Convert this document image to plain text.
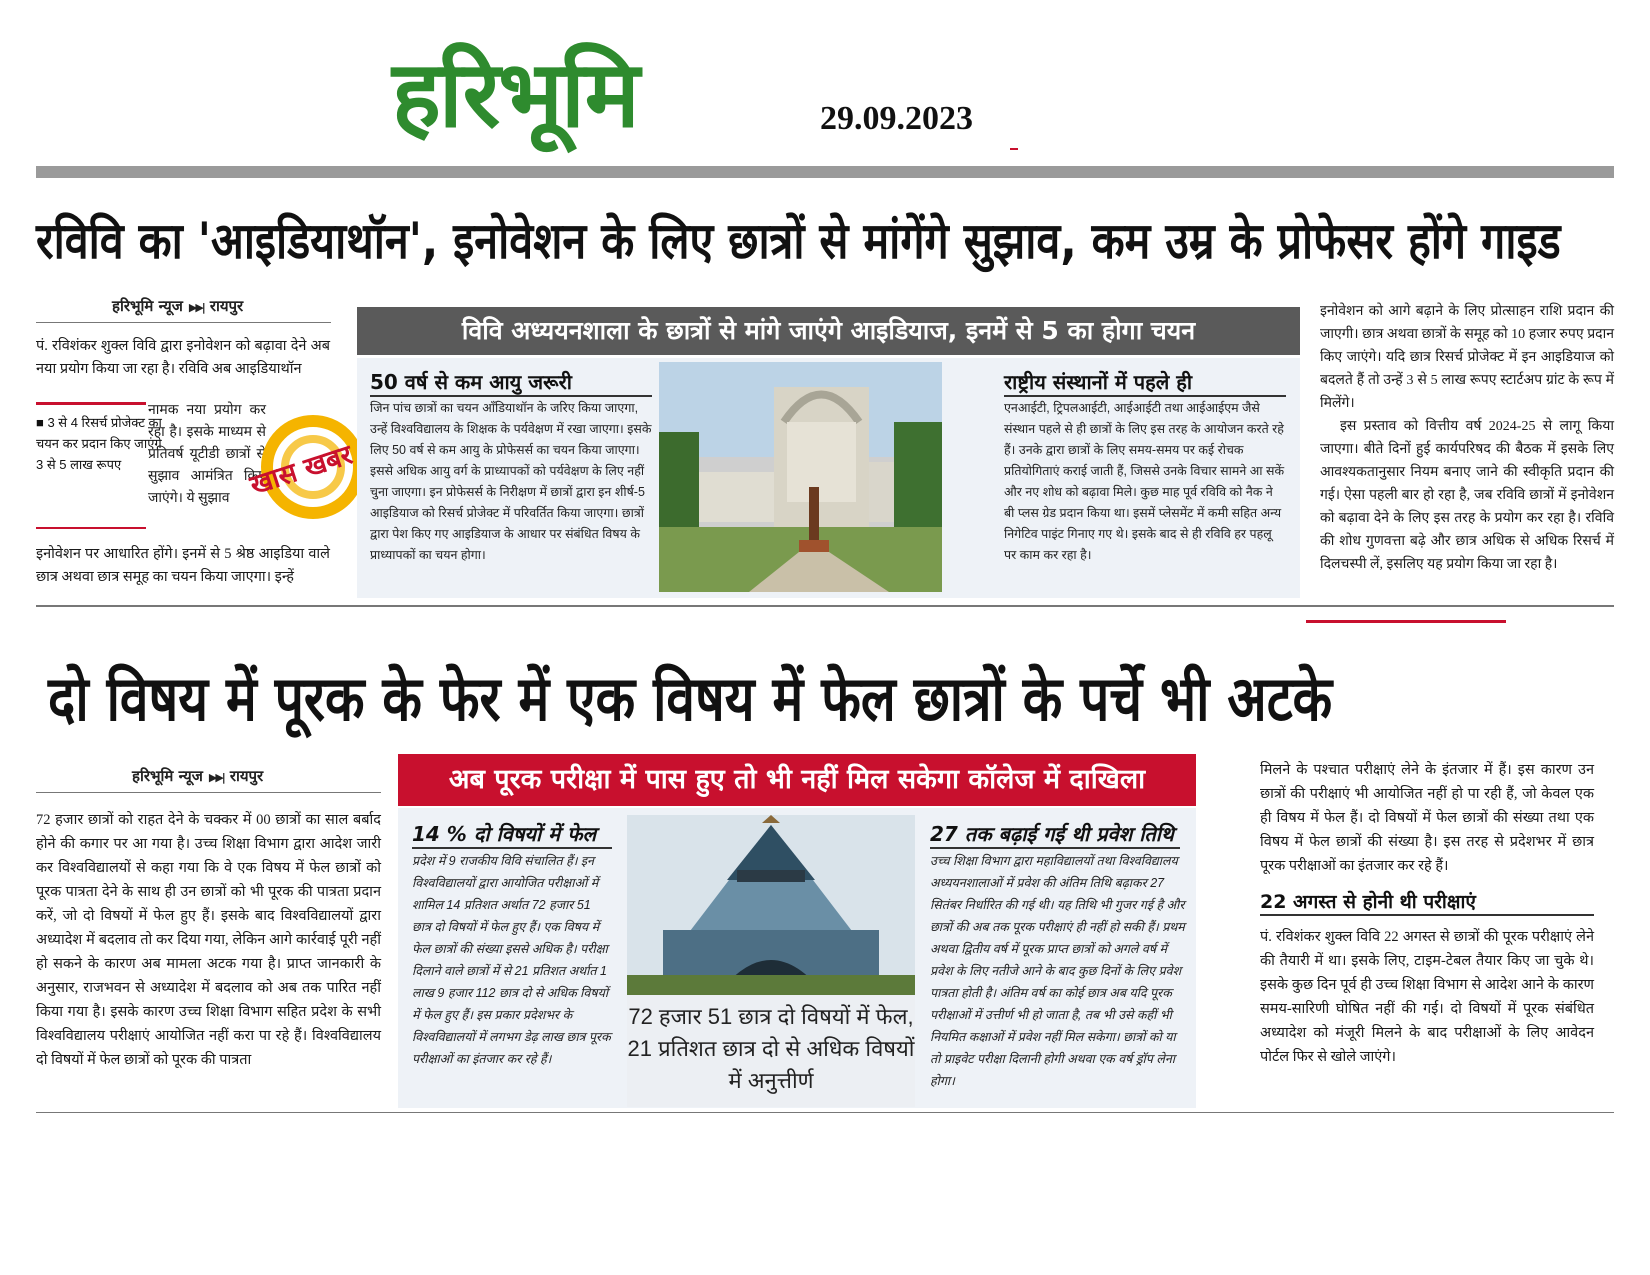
हरिभूमि	29.09.2023
रविवि का 'आइडियाथॉन', इनोवेशन के लिए छात्रों से मांगेंगे सुझाव, कम उम्र के प्रोफेसर होंगे गाइड
हरिभूमि न्यूज ▶▶| रायपुर
पं. रविशंकर शुक्ल विवि द्वारा इनोवेशन को बढ़ावा देने अब नया प्रयोग किया जा रहा है। रविवि अब आइडियाथॉन
■ 3 से 4 रिसर्च प्रोजेक्ट का चयन कर प्रदान किए जाएंगे 3 से 5 लाख रूपए
नामक नया प्रयोग कर रहा है। इसके माध्यम से प्रतिवर्ष यूटीडी छात्रों से सुझाव आमंत्रित किए जाएंगे। ये सुझाव खास खबर
इनोवेशन पर आधारित होंगे। इनमें से 5 श्रेष्ठ आइडिया वाले छात्र अथवा छात्र समूह का चयन किया जाएगा। इन्हें
विवि अध्ययनशाला के छात्रों से मांगे जाएंगे आइडियाज, इनमें से 5 का होगा चयन
50 वर्ष से कम आयु जरूरी
जिन पांच छात्रों का चयन आँडियाथॉन के जरिए किया जाएगा, उन्हें विश्वविद्यालय के शिक्षक के पर्यवेक्षण में रखा जाएगा। इसके लिए 50 वर्ष से कम आयु के प्रोफेसर्स का चयन किया जाएगा। इससे अधिक आयु वर्ग के प्राध्यापकों को पर्यवेक्षण के लिए नहीं चुना जाएगा। इन प्रोफेसर्स के निरीक्षण में छात्रों द्वारा इन शीर्ष-5 आइडियाज को रिसर्च प्रोजेक्ट में परिवर्तित किया जाएगा। छात्रों द्वारा पेश किए गए आइडियाज के आधार पर संबंधित विषय के प्राध्यापकों का चयन होगा।
राष्ट्रीय संस्थानों में पहले ही
एनआईटी, ट्रिपलआईटी, आईआईटी तथा आईआईएम जैसे संस्थान पहले से ही छात्रों के लिए इस तरह के आयोजन करते रहे हैं। उनके द्वारा छात्रों के लिए समय-समय पर कई रोचक प्रतियोगिताएं कराई जाती हैं, जिससे उनके विचार सामने आ सकें और नए शोध को बढ़ावा मिले। कुछ माह पूर्व रविवि को नैक ने बी प्लस ग्रेड प्रदान किया था। इसमें प्लेसमेंट में कमी सहित अन्य निगेटिव पाइंट गिनाए गए थे। इसके बाद से ही रविवि हर पहलू पर काम कर रहा है।

इनोवेशन को आगे बढ़ाने के लिए प्रोत्साहन राशि प्रदान की जाएगी। छात्र अथवा छात्रों के समूह को 10 हजार रुपए प्रदान किए जाएंगे। यदि छात्र रिसर्च प्रोजेक्ट में इन आइडियाज को बदलते हैं तो उन्हें 3 से 5 लाख रूपए स्टार्टअप ग्रांट के रूप में मिलेंगे।

इस प्रस्ताव को वित्तीय वर्ष 2024-25 से लागू किया जाएगा। बीते दिनों हुई कार्यपरिषद की बैठक में इसके लिए आवश्यकतानुसार नियम बनाए जाने की स्वीकृति प्रदान की गई। ऐसा पहली बार हो रहा है, जब रविवि छात्रों में इनोवेशन को बढ़ावा देने के लिए इस तरह के प्रयोग कर रहा है। रविवि की शोध गुणवत्ता बढ़े और छात्र अधिक से अधिक रिसर्च में दिलचस्पी लें, इसलिए यह प्रयोग किया जा रहा है।

दो विषय में पूरक के फेर में एक विषय में फेल छात्रों के पर्चे भी अटके
हरिभूमि न्यूज ▶▶| रायपुर
72 हजार छात्रों को राहत देने के चक्कर में 00 छात्रों का साल बर्बाद होने की कगार पर आ गया है। उच्च शिक्षा विभाग द्वारा आदेश जारी कर विश्वविद्यालयों से कहा गया कि वे एक विषय में फेल छात्रों को पूरक पात्रता देने के साथ ही उन छात्रों को भी पूरक की पात्रता प्रदान करें, जो दो विषयों में फेल हुए हैं। इसके बाद विश्वविद्यालयों द्वारा अध्यादेश में बदलाव तो कर दिया गया, लेकिन आगे कार्रवाई पूरी नहीं हो सकने के कारण अब मामला अटक गया है। प्राप्त जानकारी के अनुसार, राजभवन से अध्यादेश में बदलाव को अब तक पारित नहीं किया गया है। इसके कारण उच्च शिक्षा विभाग सहित प्रदेश के सभी विश्वविद्यालय परीक्षाएं आयोजित नहीं करा पा रहे हैं। विश्वविद्यालय दो विषयों में फेल छात्रों को पूरक की पात्रता
अब पूरक परीक्षा में पास हुए तो भी नहीं मिल सकेगा कॉलेज में दाखिला
14 % दो विषयों में फेल
प्रदेश में 9 राजकीय विवि संचालित हैं। इन विश्वविद्यालयों द्वारा आयोजित परीक्षाओं में शामिल 14 प्रतिशत अर्थात 72 हजार 51 छात्र दो विषयों में फेल हुए हैं। एक विषय में फेल छात्रों की संख्या इससे अधिक है। परीक्षा दिलाने वाले छात्रों में से 21 प्रतिशत अर्थात 1 लाख 9 हजार 112 छात्र दो से अधिक विषयों में फेल हुए हैं। इस प्रकार प्रदेशभर के विश्वविद्यालयों में लगभग डेढ़ लाख छात्र पूरक परीक्षाओं का इंतजार कर रहे हैं।
72 हजार 51 छात्र दो विषयों में फेल, 21 प्रतिशत छात्र दो से अधिक विषयों में अनुत्तीर्ण
27 तक बढ़ाई गई थी प्रवेश तिथि
उच्च शिक्षा विभाग द्वारा महाविद्यालयों तथा विश्वविद्यालय अध्ययनशालाओं में प्रवेश की अंतिम तिथि बढ़ाकर 27 सितंबर निर्धारित की गई थी। यह तिथि भी गुजर गई है और छात्रों की अब तक पूरक परीक्षाएं ही नहीं हो सकी हैं। प्रथम अथवा द्वितीय वर्ष में पूरक प्राप्त छात्रों को अगले वर्ष में प्रवेश के लिए नतीजे आने के बाद कुछ दिनों के लिए प्रवेश पात्रता होती है। अंतिम वर्ष का कोई छात्र अब यदि पूरक परीक्षाओं में उत्तीर्ण भी हो जाता है, तब भी उसे कहीं भी नियमित कक्षाओं में प्रवेश नहीं मिल सकेगा। छात्रों को या तो प्राइवेट परीक्षा दिलानी होगी अथवा एक वर्ष ड्रॉप लेना होगा।
मिलने के पश्चात परीक्षाएं लेने के इंतजार में हैं। इस कारण उन छात्रों की परीक्षाएं भी आयोजित नहीं हो पा रही हैं, जो केवल एक ही विषय में फेल हैं। दो विषयों में फेल छात्रों की संख्या तथा एक विषय में फेल छात्रों की संख्या है। इस तरह से प्रदेशभर में छात्र पूरक परीक्षाओं का इंतजार कर रहे हैं।
22 अगस्त से होनी थी परीक्षाएं
पं. रविशंकर शुक्ल विवि 22 अगस्त से छात्रों की पूरक परीक्षाएं लेने की तैयारी में था। इसके लिए, टाइम-टेबल तैयार किए जा चुके थे। इसके कुछ दिन पूर्व ही उच्च शिक्षा विभाग से आदेश आने के कारण समय-सारिणी घोषित नहीं की गई। दो विषयों में पूरक संबंधित अध्यादेश को मंजूरी मिलने के बाद परीक्षाओं के लिए आवेदन पोर्टल फिर से खोले जाएंगे।
